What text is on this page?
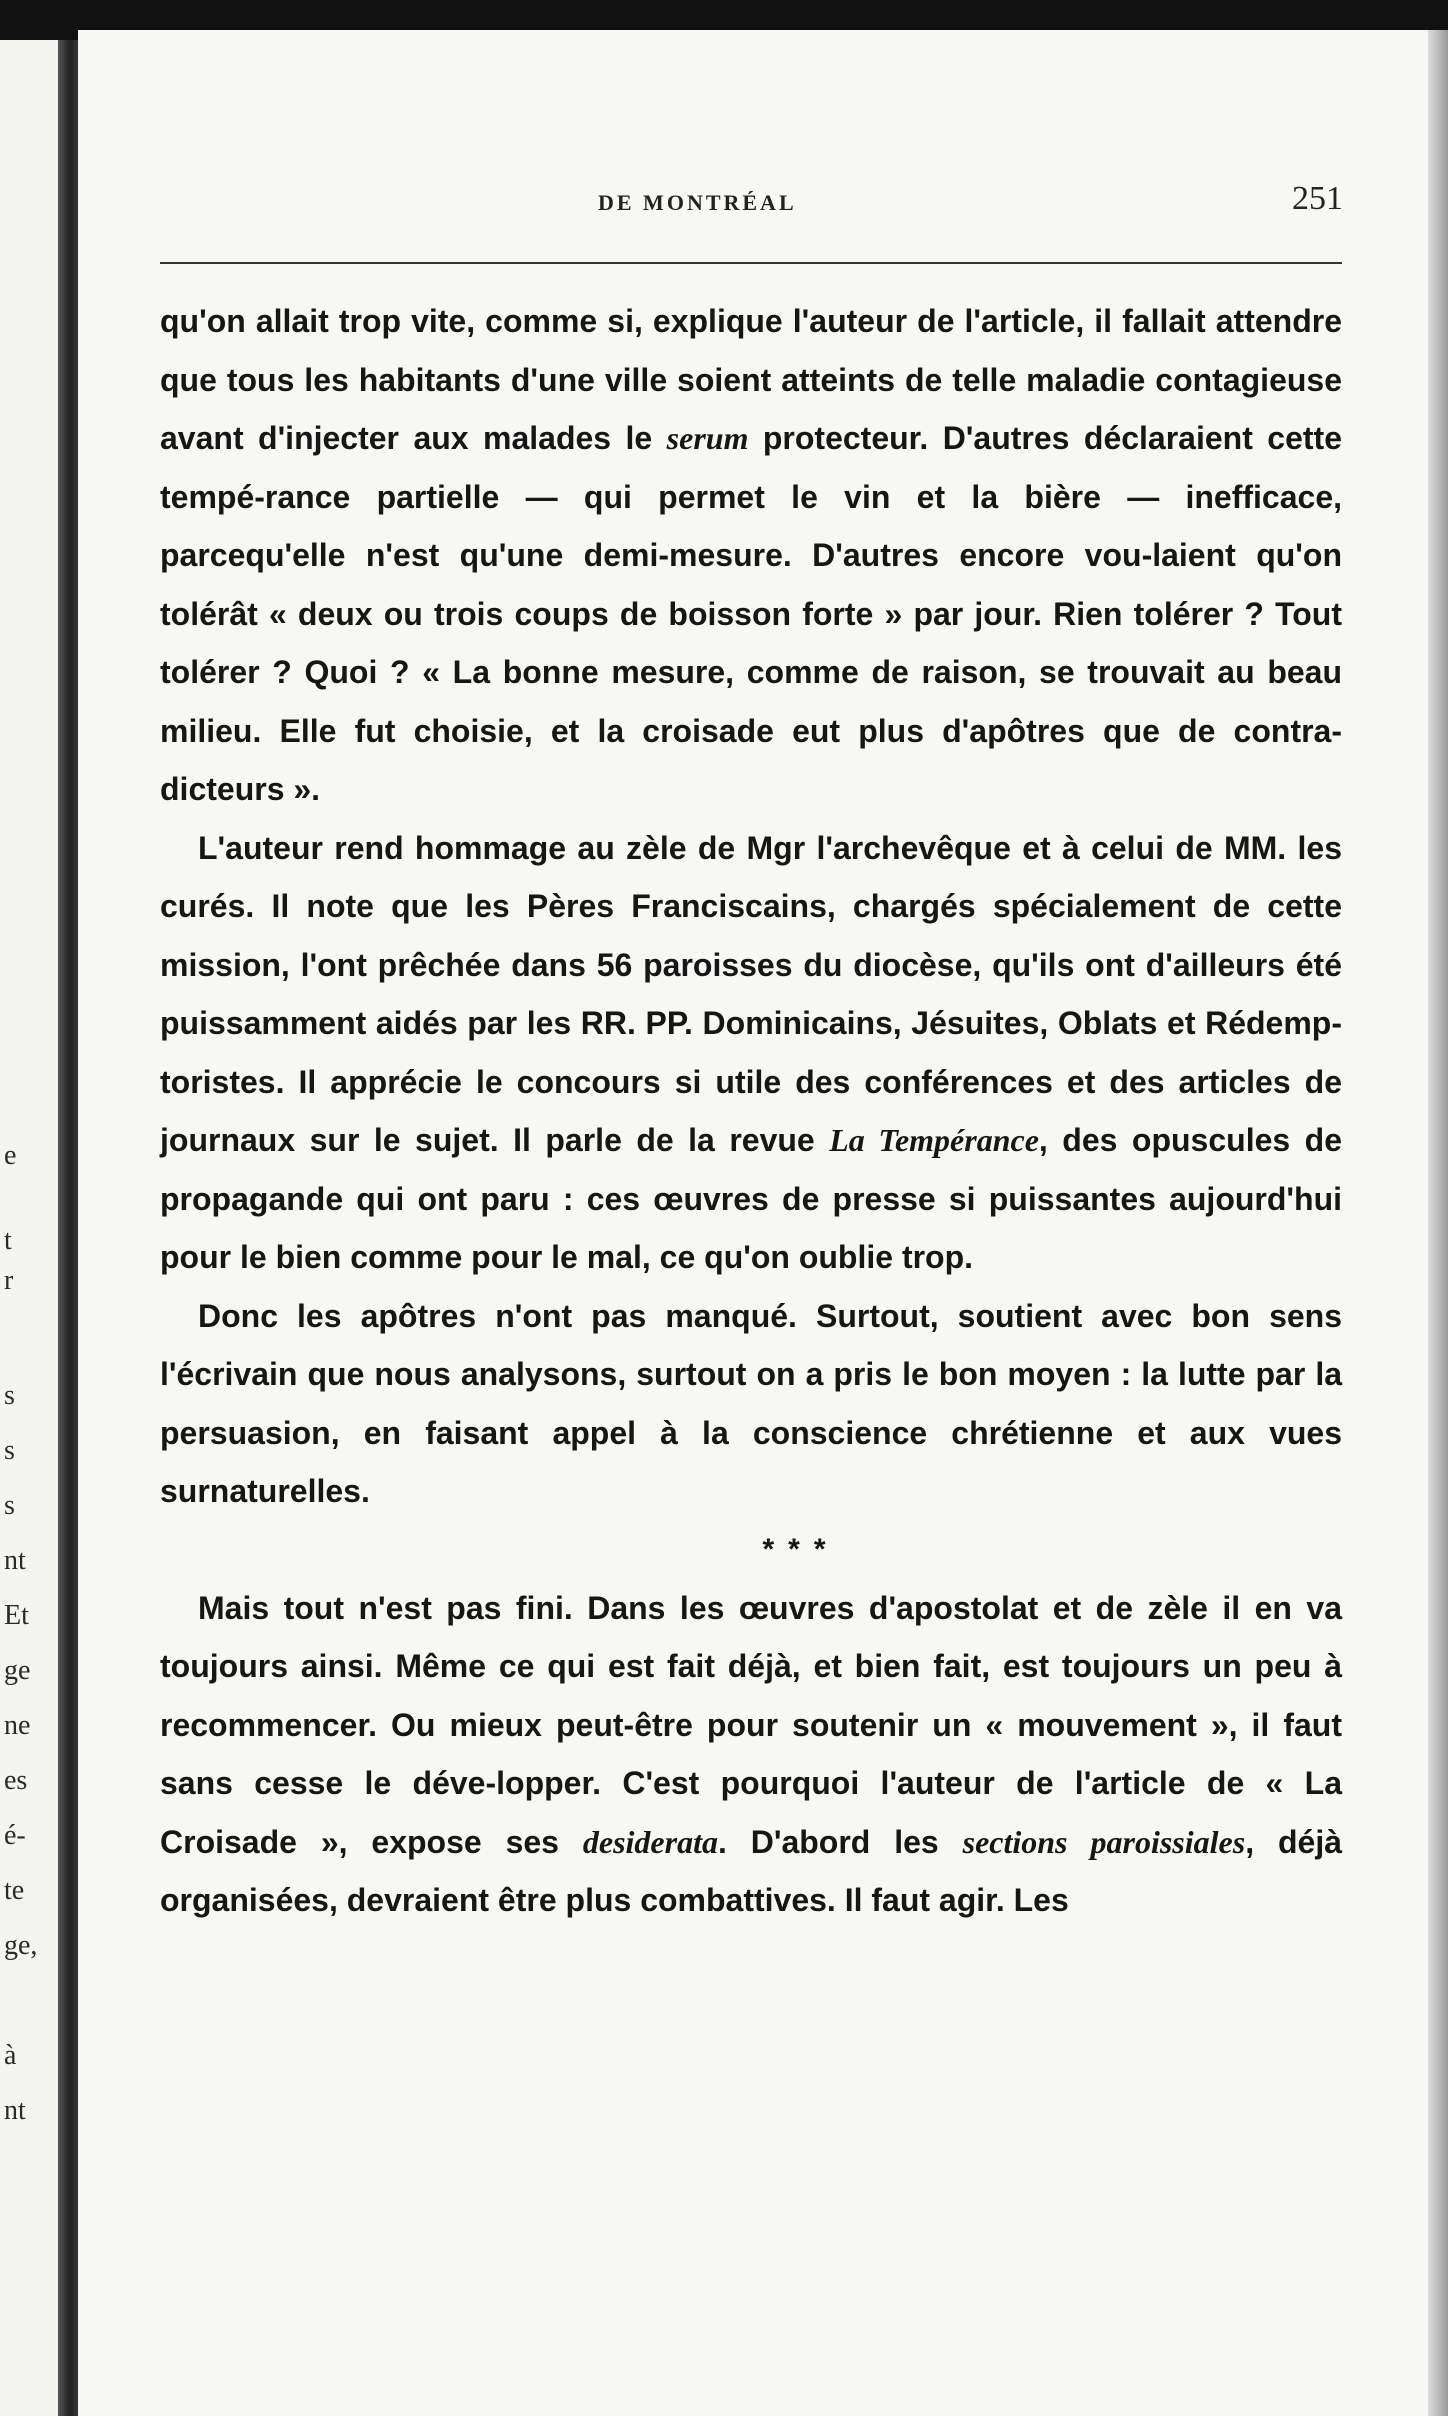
e
t
r
s
s
s
nt
Et
ge
ne
es
é-
te
ge,
à
nt
DE MONTRÉAL	251

qu'on allait trop vite, comme si, explique l'auteur de l'article, il fallait attendre que tous les habitants d'une ville soient atteints de telle maladie contagieuse avant d'injecter aux malades le serum protecteur. D'autres déclaraient cette tempé-rance partielle — qui permet le vin et la bière — inefficace, parcequ'elle n'est qu'une demi-mesure. D'autres encore vou-laient qu'on tolérât « deux ou trois coups de boisson forte » par jour. Rien tolérer ? Tout tolérer ? Quoi ? « La bonne mesure, comme de raison, se trouvait au beau milieu. Elle fut choisie, et la croisade eut plus d'apôtres que de contra-dicteurs ».

L'auteur rend hommage au zèle de Mgr l'archevêque et à celui de MM. les curés. Il note que les Pères Franciscains, chargés spécialement de cette mission, l'ont prêchée dans 56 paroisses du diocèse, qu'ils ont d'ailleurs été puissamment aidés par les RR. PP. Dominicains, Jésuites, Oblats et Rédemp-toristes. Il apprécie le concours si utile des conférences et des articles de journaux sur le sujet. Il parle de la revue La Tempérance, des opuscules de propagande qui ont paru : ces œuvres de presse si puissantes aujourd'hui pour le bien comme pour le mal, ce qu'on oublie trop.

Donc les apôtres n'ont pas manqué. Surtout, soutient avec bon sens l'écrivain que nous analysons, surtout on a pris le bon moyen : la lutte par la persuasion, en faisant appel à la conscience chrétienne et aux vues surnaturelles.

* * *

Mais tout n'est pas fini. Dans les œuvres d'apostolat et de zèle il en va toujours ainsi. Même ce qui est fait déjà, et bien fait, est toujours un peu à recommencer. Ou mieux peut-être pour soutenir un « mouvement », il faut sans cesse le déve-lopper. C'est pourquoi l'auteur de l'article de « La Croisade », expose ses desiderata. D'abord les sections paroissiales, déjà organisées, devraient être plus combattives. Il faut agir. Les
